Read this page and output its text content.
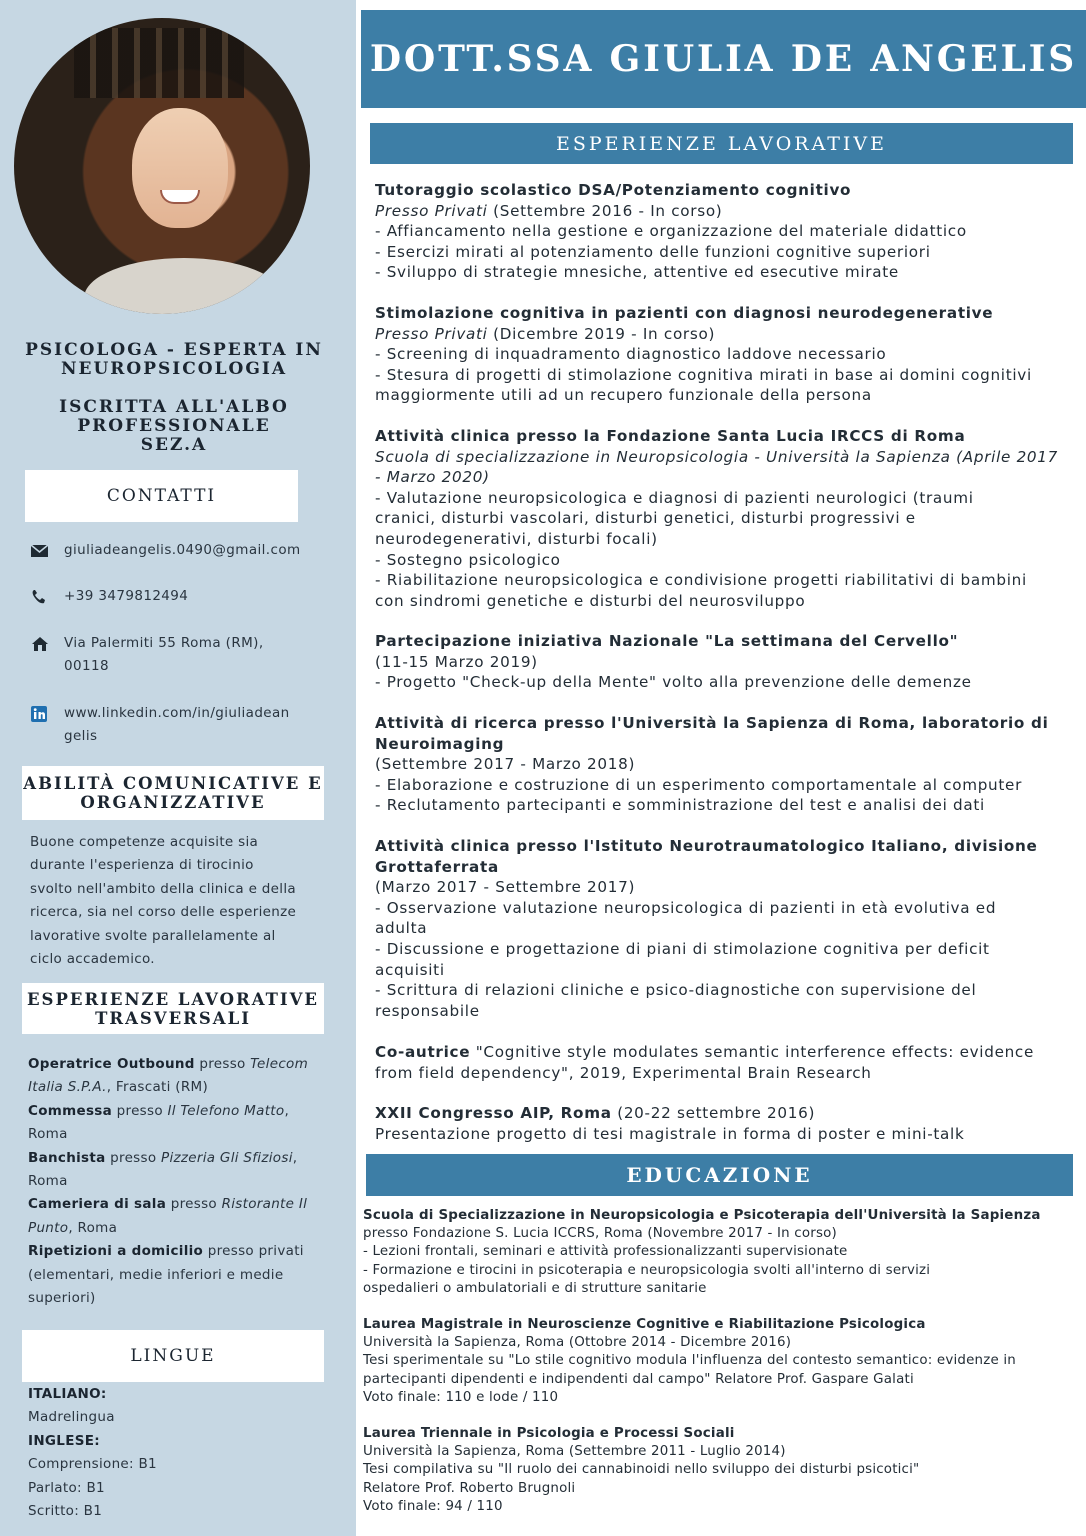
PSICOLOGA - ESPERTA IN
NEUROPSICOLOGIA
ISCRITTA ALL'ALBO
PROFESSIONALE
SEZ.A
CONTATTI
giuliadeangelis.0490@gmail.com
+39 3479812494
Via Palermiti 55 Roma (RM),
00118
www.linkedin.com/in/giuliadean
gelis
ABILITÀ COMUNICATIVE E
ORGANIZZATIVE
Buone competenze acquisite sia
durante l'esperienza di tirocinio
svolto nell'ambito della clinica e della
ricerca, sia nel corso delle esperienze
lavorative svolte parallelamente al
ciclo accademico.
ESPERIENZE LAVORATIVE
TRASVERSALI
Operatrice Outbound presso Telecom
Italia S.P.A., Frascati (RM)
Commessa presso Il Telefono Matto,
Roma
Banchista presso Pizzeria Gli Sfiziosi,
Roma
Cameriera di sala presso Ristorante Il
Punto, Roma
Ripetizioni a domicilio presso privati
(elementari, medie inferiori e medie
superiori)
LINGUE
ITALIANO:
Madrelingua
INGLESE:
Comprensione: B1
Parlato: B1
Scritto: B1
DOTT.SSA GIULIA DE ANGELIS
ESPERIENZE LAVORATIVE
Tutoraggio scolastico DSA/Potenziamento cognitivo
Presso Privati (Settembre 2016 - In corso)
- Affiancamento nella gestione e organizzazione del materiale didattico
- Esercizi mirati al potenziamento delle funzioni cognitive superiori
- Sviluppo di strategie mnesiche, attentive ed esecutive mirate
Stimolazione cognitiva in pazienti con diagnosi neurodegenerative
Presso Privati (Dicembre 2019 - In corso)
- Screening di inquadramento diagnostico laddove necessario
- Stesura di progetti di stimolazione cognitiva mirati in base ai domini cognitivi
maggiormente utili ad un recupero funzionale della persona
Attività clinica presso la Fondazione Santa Lucia IRCCS di Roma
Scuola di specializzazione in Neuropsicologia - Università la Sapienza (Aprile 2017
- Marzo 2020)
- Valutazione neuropsicologica e diagnosi di pazienti neurologici (traumi
cranici, disturbi vascolari, disturbi genetici, disturbi progressivi e
neurodegenerativi, disturbi focali)
- Sostegno psicologico
- Riabilitazione neuropsicologica e condivisione progetti riabilitativi di bambini
con sindromi genetiche e disturbi del neurosviluppo
Partecipazione iniziativa Nazionale "La settimana del Cervello"
(11-15 Marzo 2019)
- Progetto "Check-up della Mente" volto alla prevenzione delle demenze
Attività di ricerca presso l'Università la Sapienza di Roma, laboratorio di
Neuroimaging
(Settembre 2017 - Marzo 2018)
- Elaborazione e costruzione di un esperimento comportamentale al computer
- Reclutamento partecipanti e somministrazione del test e analisi dei dati
Attività clinica presso l'Istituto Neurotraumatologico Italiano, divisione
Grottaferrata
(Marzo 2017 - Settembre 2017)
- Osservazione valutazione neuropsicologica di pazienti in età evolutiva ed
adulta
- Discussione e progettazione di piani di stimolazione cognitiva per deficit
acquisiti
- Scrittura di relazioni cliniche e psico-diagnostiche con supervisione del
responsabile
Co-autrice "Cognitive style modulates semantic interference effects: evidence
from field dependency", 2019, Experimental Brain Research
XXII Congresso AIP, Roma (20-22 settembre 2016)
Presentazione progetto di tesi magistrale in forma di poster e mini-talk
EDUCAZIONE
Scuola di Specializzazione in Neuropsicologia e Psicoterapia dell'Università la Sapienza
presso Fondazione S. Lucia ICCRS, Roma (Novembre 2017 - In corso)
- Lezioni frontali, seminari e attività professionalizzanti supervisionate
- Formazione e tirocini in psicoterapia e neuropsicologia svolti all'interno di servizi
ospedalieri o ambulatoriali e di strutture sanitarie
Laurea Magistrale in Neuroscienze Cognitive e Riabilitazione Psicologica
Università la Sapienza, Roma (Ottobre 2014 - Dicembre 2016)
Tesi sperimentale su "Lo stile cognitivo modula l'influenza del contesto semantico: evidenze in
partecipanti dipendenti e indipendenti dal campo" Relatore Prof. Gaspare Galati
Voto finale: 110 e lode / 110
Laurea Triennale in Psicologia e Processi Sociali
Università la Sapienza, Roma (Settembre 2011 - Luglio 2014)
Tesi compilativa su "Il ruolo dei cannabinoidi nello sviluppo dei disturbi psicotici"
Relatore Prof. Roberto Brugnoli
Voto finale: 94 / 110
